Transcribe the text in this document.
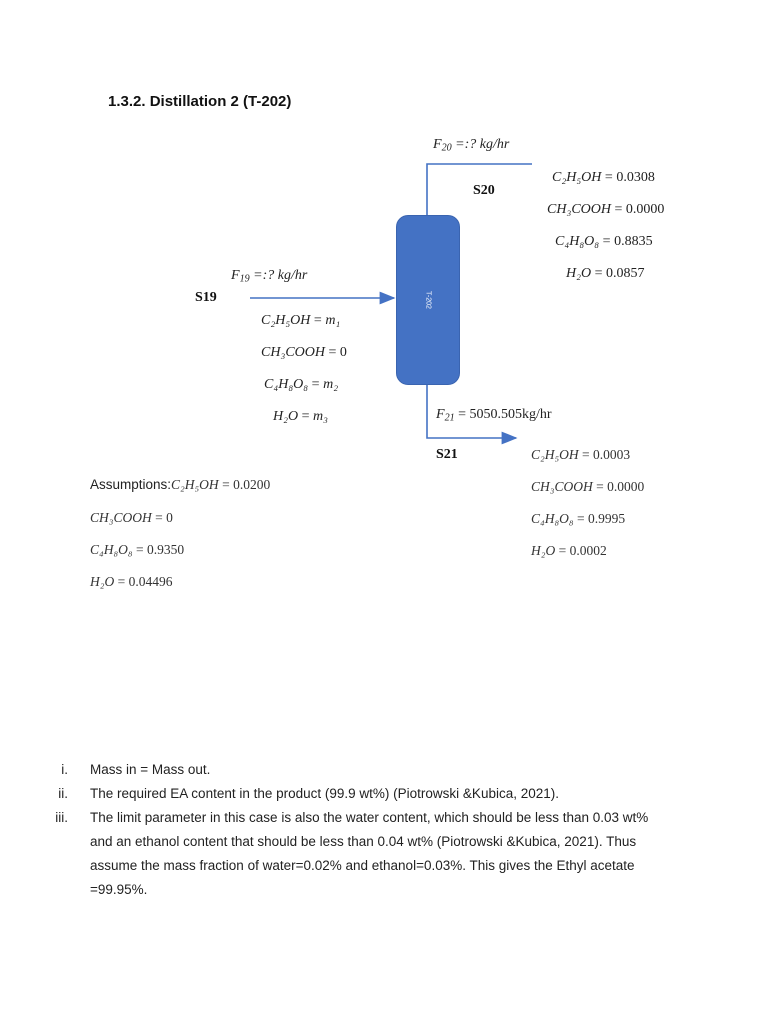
1.3.2. Distillation 2 (T-202)
T-202
$F_{20}$ =:? kg/hr
S20
C₂H₅OH = 0.0308
CH₃COOH = 0.0000
C₄H₈O₈ = 0.8835
H₂O = 0.0857
$F_{19}$ =:? kg/hr
S19
C₂H₅OH = m₁
CH₃COOH = 0
C₄H₈O₈ = m₂
H₂O = m₃	$F_{21} = 5050.505kg/hr$
S21	C₂H₅OH = 0.0003
CH₃COOH = 0.0000
C₄H₈O₈ = 0.9995
H₂O = 0.0002
Assumptions:C₂H₅OH = 0.0200
CH₃COOH = 0
C₄H₈O₈ = 0.9350
H₂O = 0.04496
i. Mass in = Mass out.
ii. The required EA content in the product (99.9 wt%) (Piotrowski &Kubica, 2021).
iii. The limit parameter in this case is also the water content, which should be less than 0.03 wt%
and an ethanol content that should be less than 0.04 wt% (Piotrowski &Kubica, 2021). Thus
assume the mass fraction of water=0.02% and ethanol=0.03%. This gives the Ethyl acetate
=99.95%.
